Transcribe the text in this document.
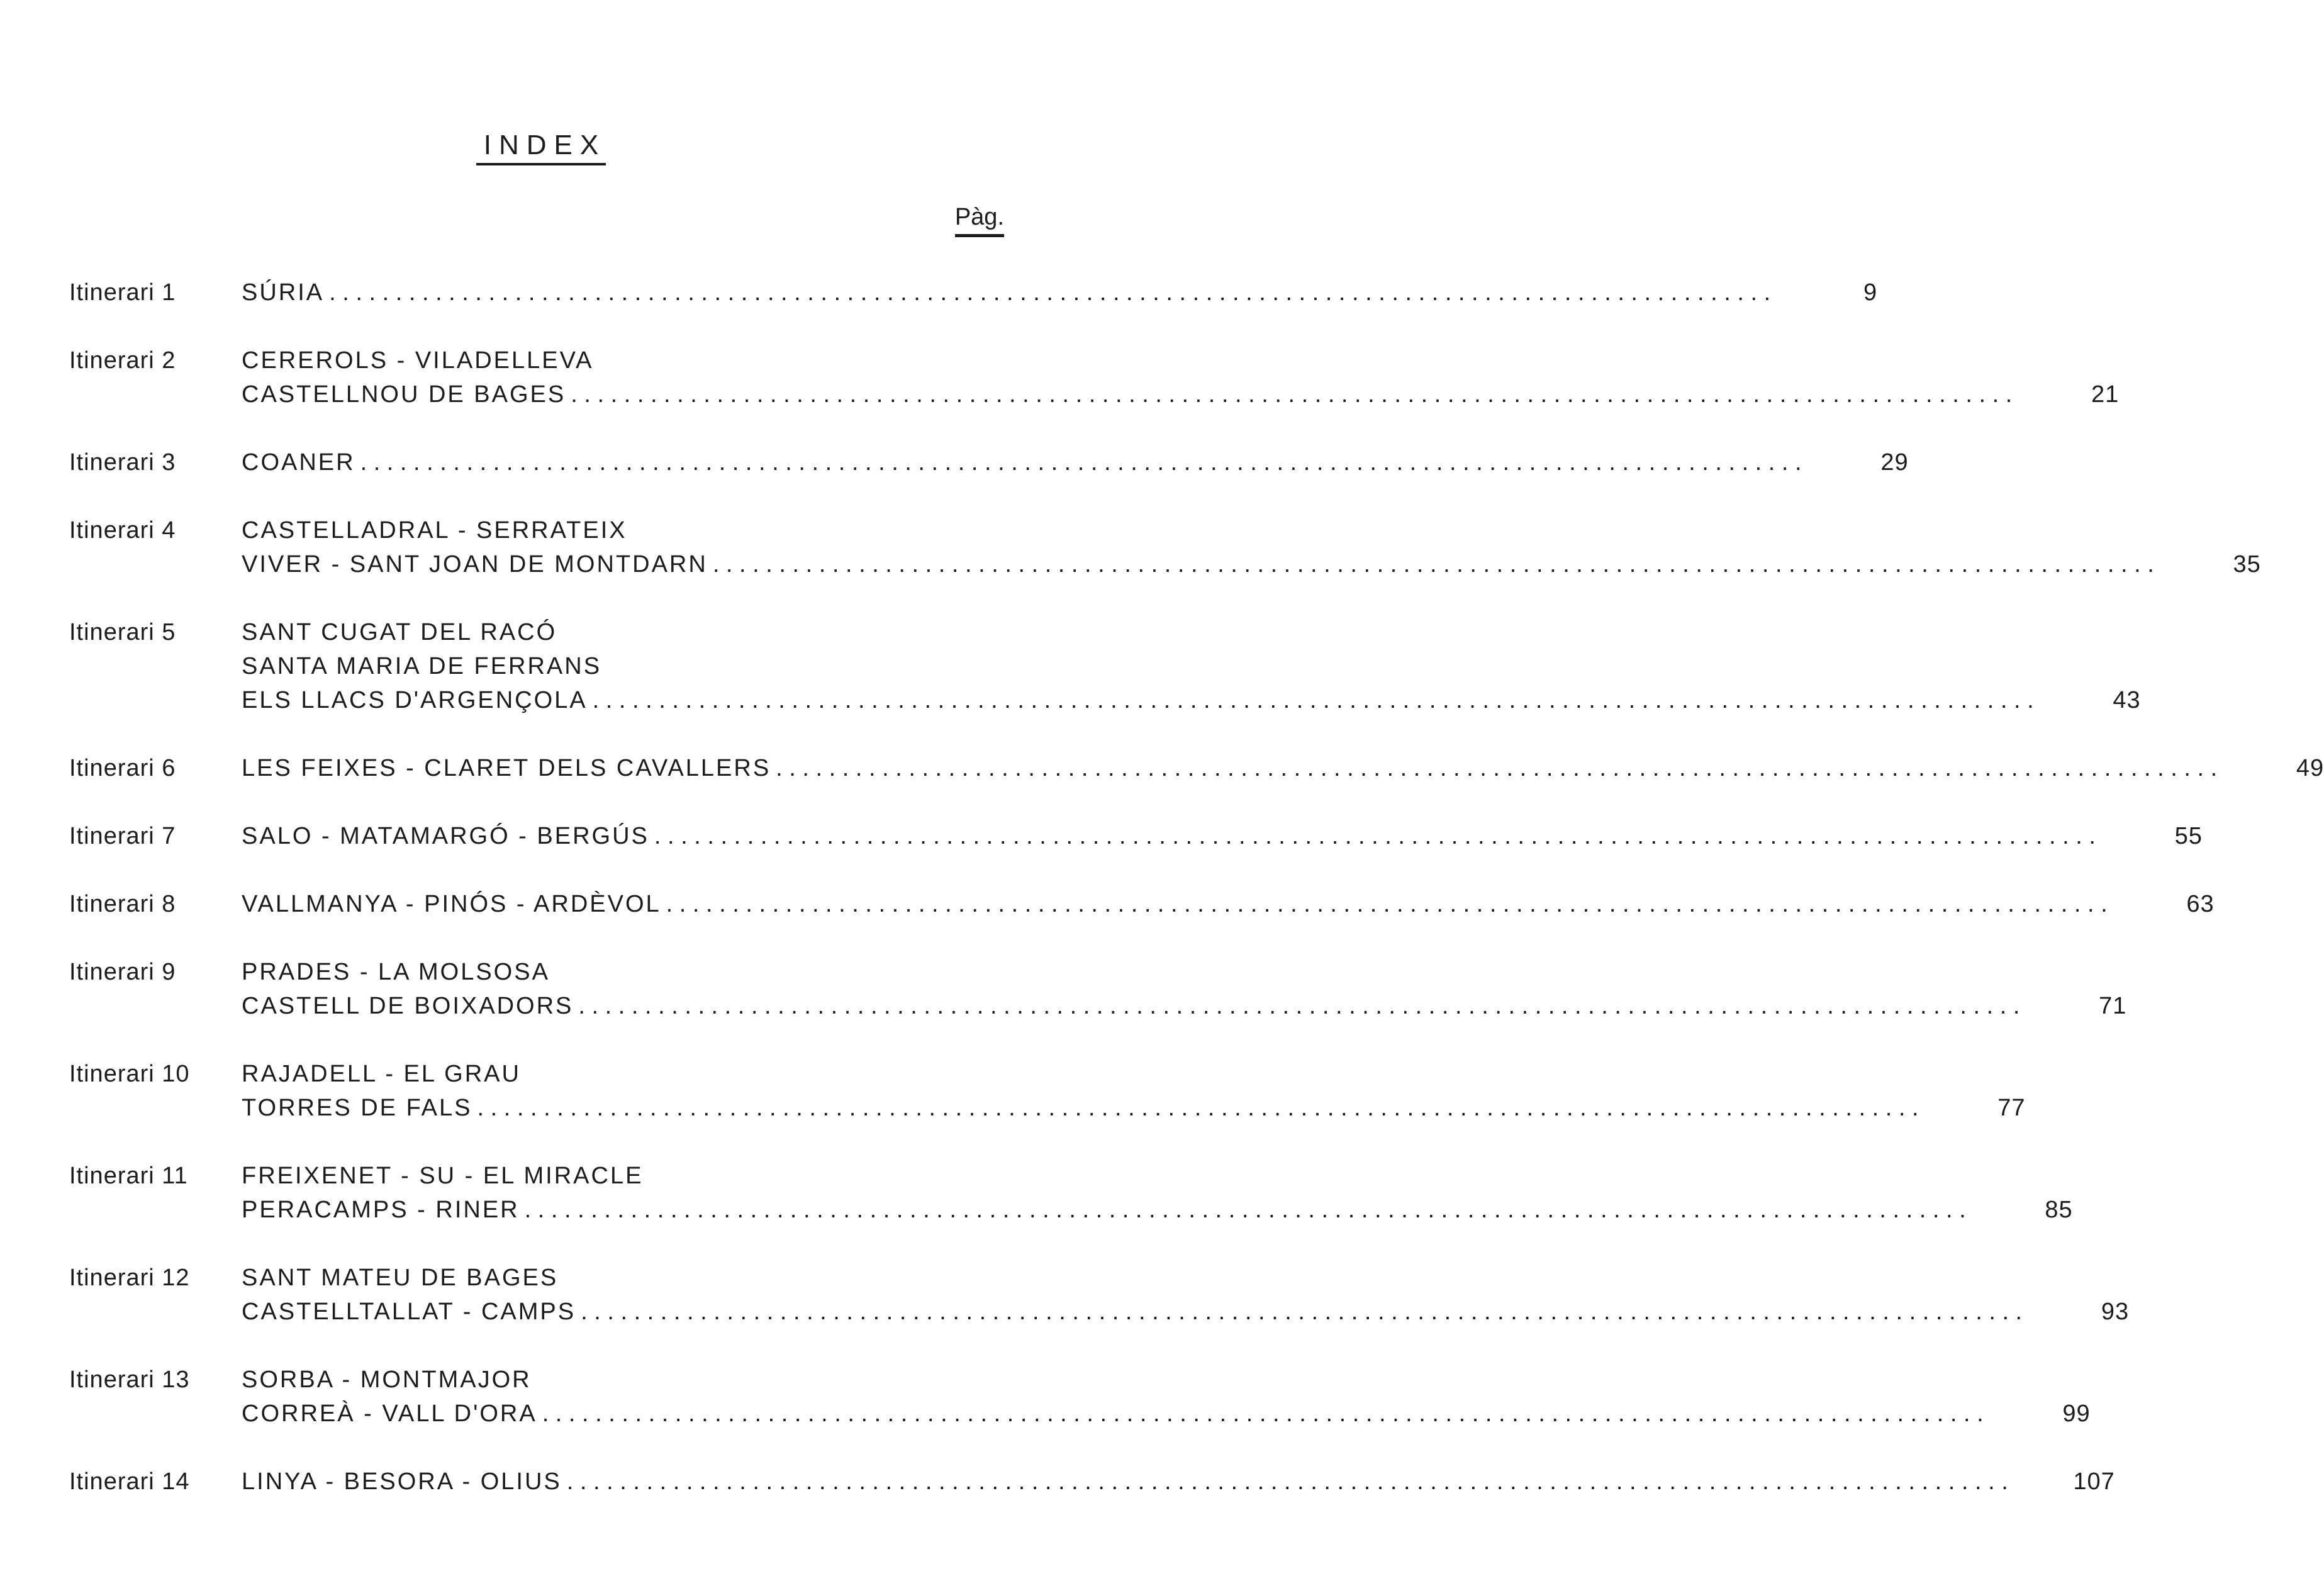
INDEX
Pàg.
Itinerari 1	SÚRIA . . .	9
Itinerari 2	CEREROLS - VILADELLEVA
CASTELLNOU DE BAGES . . .	21
Itinerari 3	COANER . . .	29
Itinerari 4	CASTELLADRAL - SERRATEIX
VIVER - SANT JOAN DE MONTDARN . . .	35
Itinerari 5	SANT CUGAT DEL RACÓ
SANTA MARIA DE FERRANS
ELS LLACS D'ARGENÇOLA . . .	43
Itinerari 6	LES FEIXES - CLARET DELS CAVALLERS . . .	49
Itinerari 7	SALO - MATAMARGÓ - BERGÚS . . .	55
Itinerari 8	VALLMANYA - PINÓS - ARDÈVOL . . .	63
Itinerari 9	PRADES - LA MOLSOSA
CASTELL DE BOIXADORS . . .	71
Itinerari 10	RAJADELL - EL GRAU
TORRES DE FALS . . .	77
Itinerari 11	FREIXENET - SU - EL MIRACLE
PERACAMPS - RINER . . .	85
Itinerari 12	SANT MATEU DE BAGES
CASTELLTALLAT - CAMPS . . .	93
Itinerari 13	SORBA - MONTMAJOR
CORREÀ - VALL D'ORA . . .	99
Itinerari 14	LINYA - BESORA - OLIUS . . .	107
